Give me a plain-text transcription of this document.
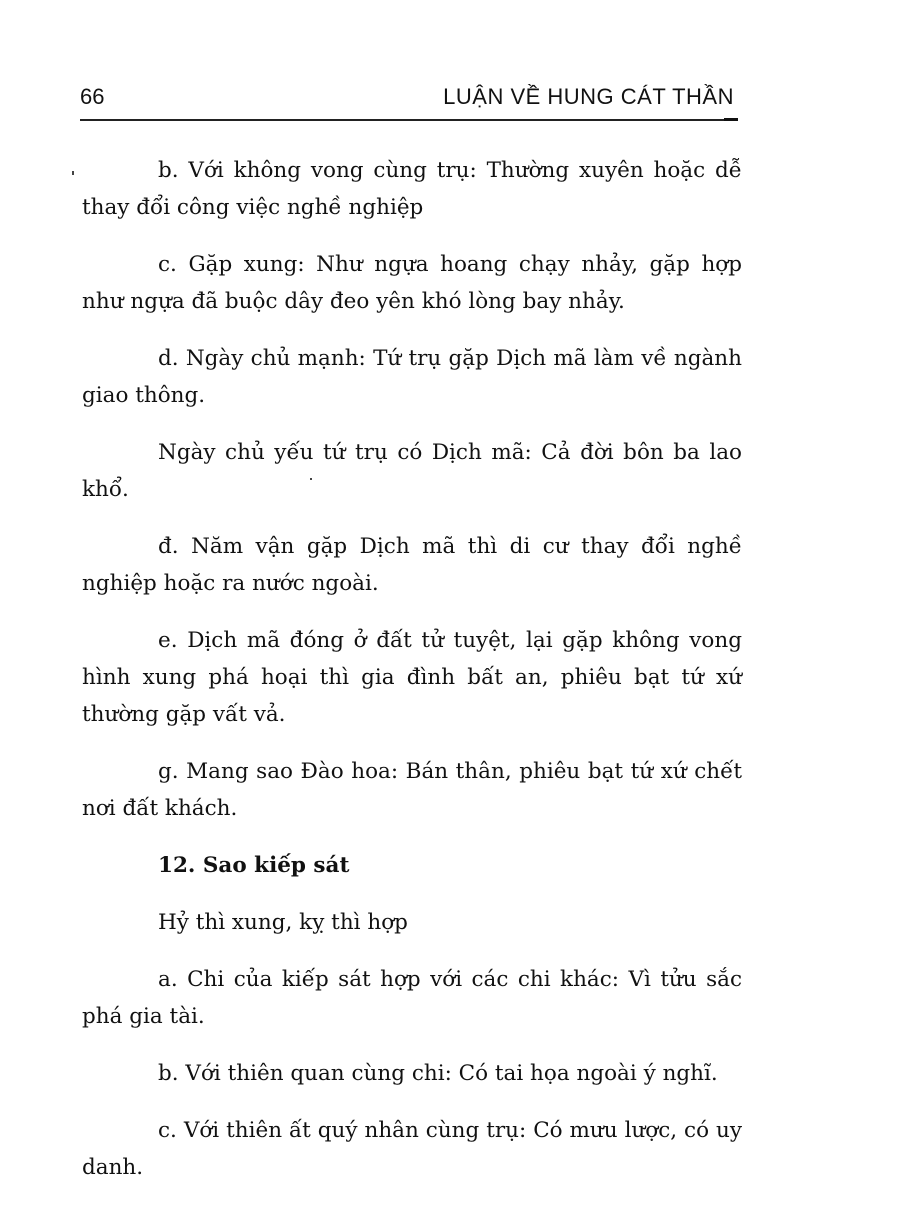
66	LUẬN VỀ HUNG CÁT THẦN

b. Với không vong cùng trụ: Thường xuyên hoặc dễ thay đổi công việc nghề nghiệp

c. Gặp xung: Như ngựa hoang chạy nhảy, gặp hợp như ngựa đã buộc dây đeo yên khó lòng bay nhảy.

d. Ngày chủ mạnh: Tứ trụ gặp Dịch mã làm về ngành giao thông.

Ngày chủ yếu tứ trụ có Dịch mã: Cả đời bôn ba lao khổ.

đ. Năm vận gặp Dịch mã thì di cư thay đổi nghề nghiệp hoặc ra nước ngoài.

e. Dịch mã đóng ở đất tử tuyệt, lại gặp không vong hình xung phá hoại thì gia đình bất an, phiêu bạt tứ xứ thường gặp vất vả.

g. Mang sao Đào hoa: Bán thân, phiêu bạt tứ xứ chết nơi đất khách.

12. Sao kiếp sát

Hỷ thì xung, kỵ thì hợp

a. Chi của kiếp sát hợp với các chi khác: Vì tửu sắc phá gia tài.

b. Với thiên quan cùng chi: Có tai họa ngoài ý nghĩ.

c. Với thiên ất quý nhân cùng trụ: Có mưu lược, có uy danh.
